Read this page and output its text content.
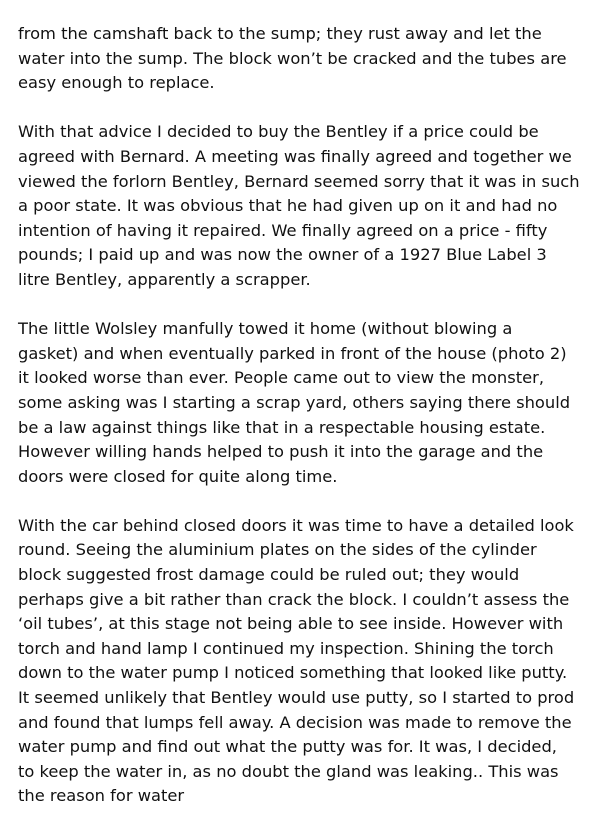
from the camshaft back to the sump; they rust away and let the
water into the sump. The block won’t be cracked and the tubes are
easy enough to replace.
With that advice I decided to buy the Bentley if a price could be
agreed with Bernard. A meeting was finally agreed and together we
viewed the forlorn Bentley, Bernard seemed sorry that it was in such
a poor state. It was obvious that he had given up on it and had no
intention of having it repaired. We finally agreed on a price - fifty
pounds; I paid up and was now the owner of a 1927 Blue Label 3
litre Bentley, apparently a scrapper.
The little Wolsley manfully towed it home (without blowing a
gasket) and when eventually parked in front of the house (photo 2)
it looked worse than ever. People came out to view the monster,
some asking was I starting a scrap yard, others saying there should
be a law against things like that in a respectable housing estate.
However willing hands helped to push it into the garage and the
doors were closed for quite along time.
With the car behind closed doors it was time to have a detailed look
round. Seeing the aluminium plates on the sides of the cylinder
block suggested frost damage could be ruled out; they would
perhaps give a bit rather than crack the block. I couldn’t assess the
‘oil tubes’, at this stage not being able to see inside. However with
torch and hand lamp I continued my inspection. Shining the torch
down to the water pump I noticed something that looked like putty.
It seemed unlikely that Bentley would use putty, so I started to prod
and found that lumps fell away. A decision was made to remove the
water pump and find out what the putty was for. It was, I decided,
to keep the water in, as no doubt the gland was leaking.. This was
the reason for water
